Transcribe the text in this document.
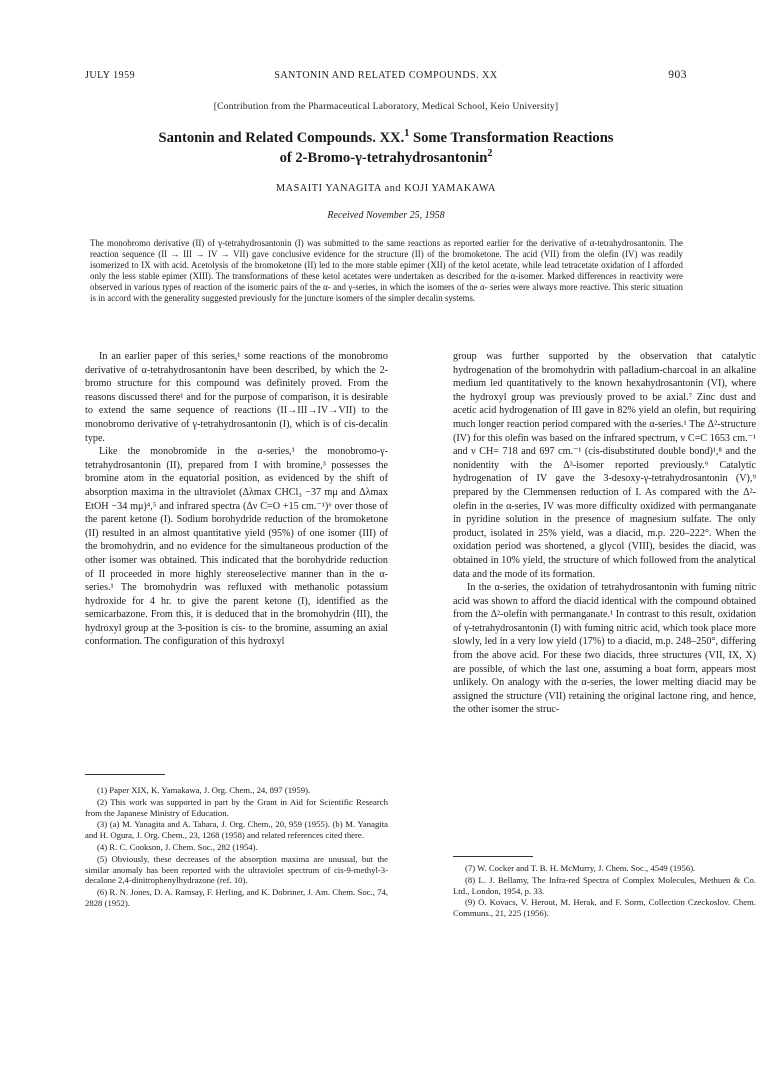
JULY 1959	SANTONIN AND RELATED COMPOUNDS. XX	903
[Contribution from the Pharmaceutical Laboratory, Medical School, Keio University]
Santonin and Related Compounds. XX.$^1$ Some Transformation Reactions
of 2-Bromo-γ-tetrahydrosantonin$^2$
MASAITI YANAGITA and KOJI YAMAKAWA
Received November 25, 1958

The monobromo derivative (II) of γ-tetrahydrosantonin (I) was submitted to the same reactions as reported earlier for the derivative of α-tetrahydrosantonin. The reaction sequence (II → III → IV → VII) gave conclusive evidence for the structure (II) of the bromoketone. The acid (VII) from the olefin (IV) was readily isomerized to IX with acid. Acetolysis of the bromoketone (II) led to the more stable epimer (XII) of the ketol acetate, while lead tetracetate oxidation of I afforded only the less stable epimer (XIII). The transformations of these ketol acetates were undertaken as described for the α-isomer. Marked differences in reactivity were observed in various types of reaction of the isomeric pairs of the α- and γ-series, in which the isomers of the α- series were always more reactive. This steric situation is in accord with the generality suggested previously for the juncture isomers of the simpler decalin systems.

In an earlier paper of this series,¹ some reactions of the monobromo derivative of α-tetrahydrosantonin have been described, by which the 2-bromo structure for this compound was definitely proved. From the reasons discussed there¹ and for the purpose of comparison, it is desirable to extend the same sequence of reactions (II→III→IV→VII) to the monobromo derivative of γ-tetrahydrosantonin (I), which is of cis-decalin type.

Like the monobromide in the α-series,¹ the monobromo-γ-tetrahydrosantonin (II), prepared from I with bromine,³ possesses the bromine atom in the equatorial position, as evidenced by the shift of absorption maxima in the ultraviolet (Δλmax CHCl₃ −37 mμ and Δλmax EtOH −34 mμ)⁴,⁵ and infrared spectra (Δν C=O +15 cm.⁻¹)⁶ over those of the parent ketone (I). Sodium borohydride reduction of the bromoketone (II) resulted in an almost quantitative yield (95%) of one isomer (III) of the bromohydrin, and no evidence for the simultaneous production of the other isomer was obtained. This indicated that the borohydride reduction of II proceeded in more highly stereoselective manner than in the α-series.¹ The bromohydrin was refluxed with methanolic potassium hydroxide for 4 hr. to give the parent ketone (I), identified as the semicarbazone. From this, it is deduced that in the bromohydrin (III), the hydroxyl group at the 3-position is cis- to the bromine, assuming an axial conformation. The configuration of this hydroxyl

group was further supported by the observation that catalytic hydrogenation of the bromohydrin with palladium-charcoal in an alkaline medium led quantitatively to the known hexahydrosantonin (VI), where the hydroxyl group was previously proved to be axial.⁷ Zinc dust and acetic acid hydrogenation of III gave in 82% yield an olefin, but requiring much longer reaction period compared with the α-series.¹ The Δ²-structure (IV) for this olefin was based on the infrared spectrum, ν C=C 1653 cm.⁻¹ and ν CH= 718 and 697 cm.⁻¹ (cis-disubstituted double bond)¹,⁸ and the nonidentity with the Δ³-isomer reported previously.⁹ Catalytic hydrogenation of IV gave the 3-desoxy-γ-tetrahydrosantonin (V),⁹ prepared by the Clemmensen reduction of I. As compared with the Δ²-olefin in the α-series, IV was more difficulty oxidized with permanganate in pyridine solution in the presence of magnesium sulfate. The only product, isolated in 25% yield, was a diacid, m.p. 220–222°. When the oxidation period was shortened, a glycol (VIII), besides the diacid, was obtained in 10% yield, the structure of which followed from the analytical data and the mode of its formation.

In the α-series, the oxidation of tetrahydrosantonin with fuming nitric acid was shown to afford the diacid identical with the compound obtained from the Δ²-olefin with permanganate.¹ In contrast to this result, oxidation of γ-tetrahydrosantonin (I) with fuming nitric acid, which took place more slowly, led in a very low yield (17%) to a diacid, m.p. 248–250°, differing from the above acid. For these two diacids, three structures (VII, IX, X) are possible, of which the last one, assuming a boat form, appears most unlikely. On analogy with the α-series, the lower melting diacid may be assigned the structure (VII) retaining the original lactone ring, and hence, the other isomer the struc-

(1) Paper XIX, K. Yamakawa, J. Org. Chem., 24, 897 (1959).

(2) This work was supported in part by the Grant in Aid for Scientific Research from the Japanese Ministry of Education.

(3) (a) M. Yanagita and A. Tahara, J. Org. Chem., 20, 959 (1955). (b) M. Yanagita and H. Ogura, J. Org. Chem., 23, 1268 (1958) and related references cited there.

(4) R. C. Cookson, J. Chem. Soc., 282 (1954).

(5) Obviously, these decreases of the absorption maxima are unusual, but the similar anomaly has been reported with the ultraviolet spectrum of cis-9-methyl-3-decalone 2,4-dinitrophenylhydrazone (ref. 10).

(6) R. N. Jones, D. A. Ramsay, F. Herling, and K. Dobriner, J. Am. Chem. Soc., 74, 2828 (1952).

(7) W. Cocker and T. B. H. McMurry, J. Chem. Soc., 4549 (1956).

(8) L. J. Bellamy, The Infra-red Spectra of Complex Molecules, Methuen & Co. Ltd., London, 1954, p. 33.

(9) O. Kovacs, V. Herout, M. Herak, and F. Sorm, Collection Czeckoslov. Chem. Communs., 21, 225 (1956).
